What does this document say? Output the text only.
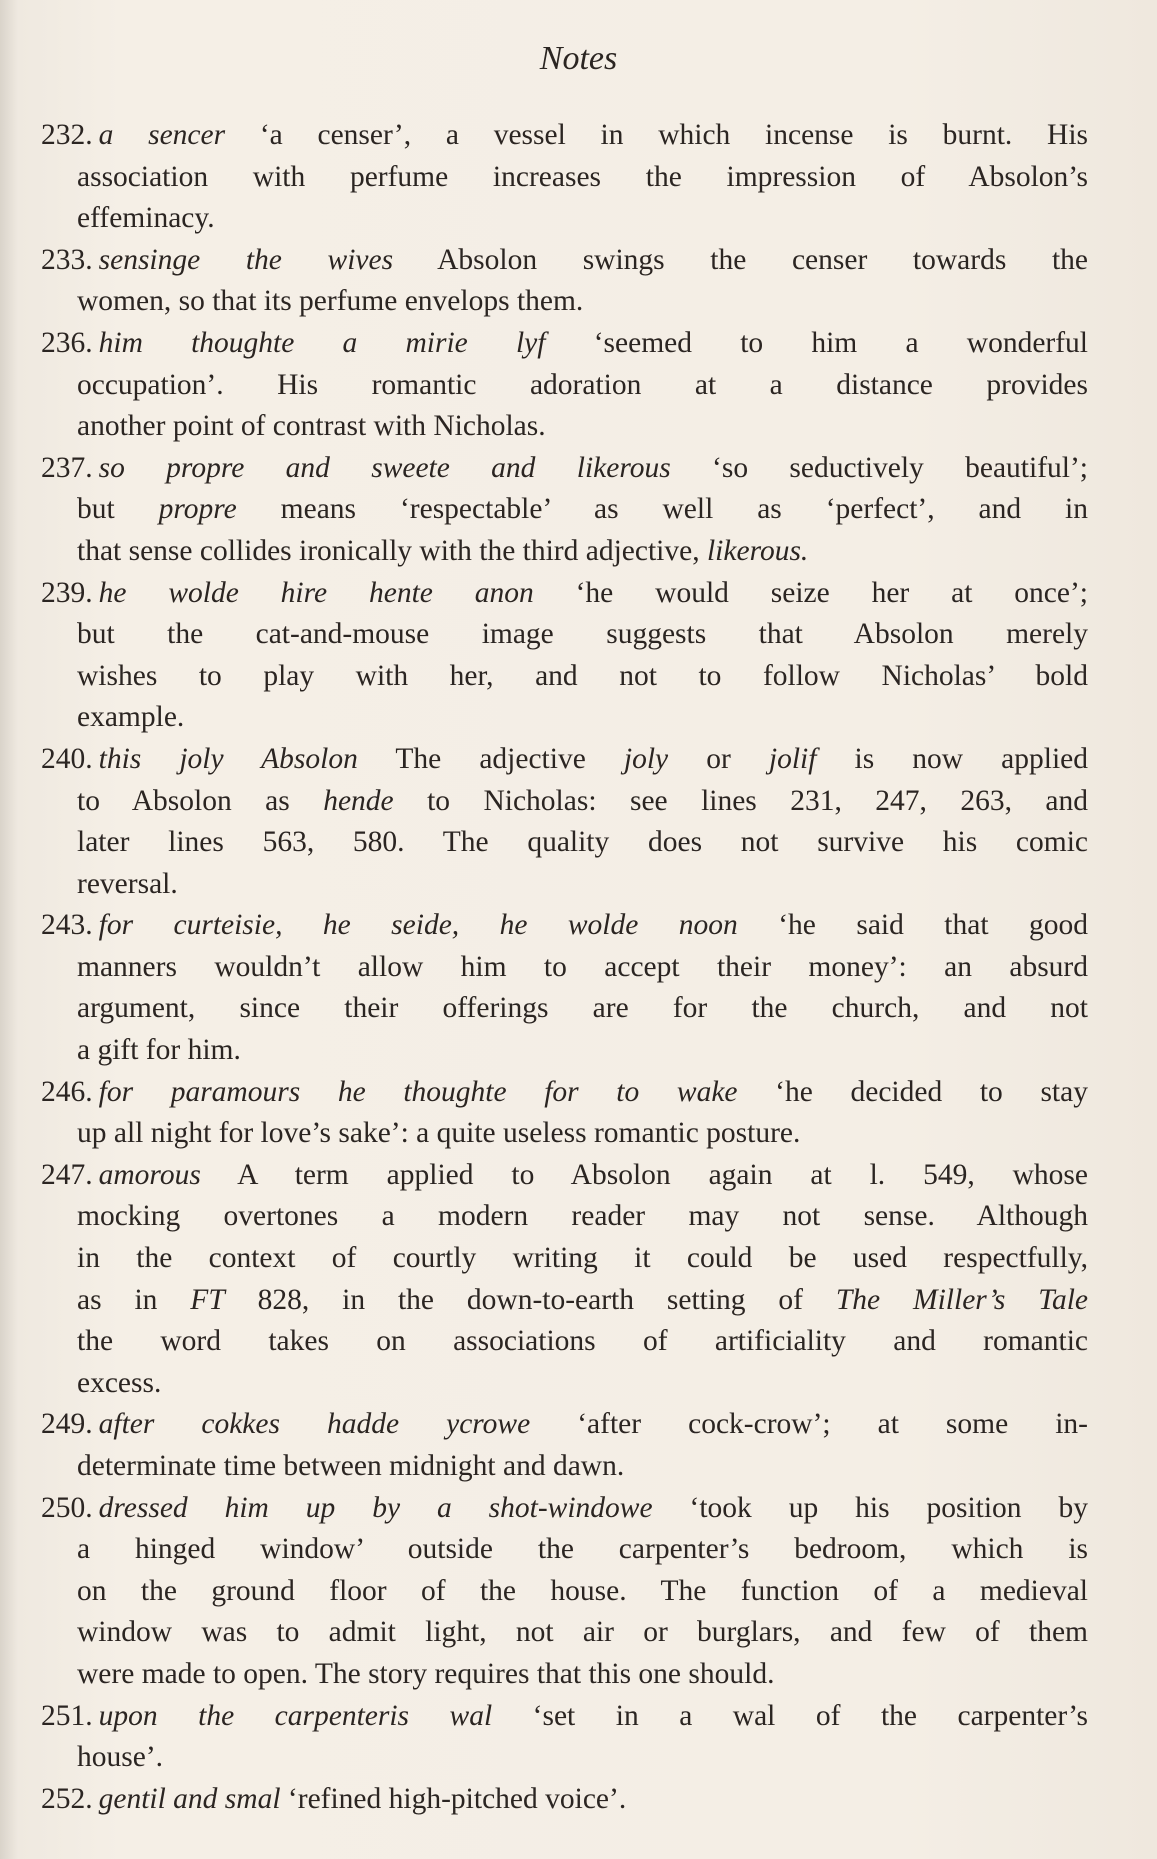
Notes
232. a sencer ‘a censer’, a vessel in which incense is burnt. His
association with perfume increases the impression of Absolon’s
effeminacy.
233. sensinge the wives Absolon swings the censer towards the
women, so that its perfume envelops them.
236. him thoughte a mirie lyf ‘seemed to him a wonderful
occupation’. His romantic adoration at a distance provides
another point of contrast with Nicholas.
237. so propre and sweete and likerous ‘so seductively beautiful’;
but propre means ‘respectable’ as well as ‘perfect’, and in
that sense collides ironically with the third adjective, likerous.
239. he wolde hire hente anon ‘he would seize her at once’;
but the cat-and-mouse image suggests that Absolon merely
wishes to play with her, and not to follow Nicholas’ bold
example.
240. this joly Absolon The adjective joly or jolif is now applied
to Absolon as hende to Nicholas: see lines 231, 247, 263, and
later lines 563, 580. The quality does not survive his comic
reversal.
243. for curteisie, he seide, he wolde noon ‘he said that good
manners wouldn’t allow him to accept their money’: an absurd
argument, since their offerings are for the church, and not
a gift for him.
246. for paramours he thoughte for to wake ‘he decided to stay
up all night for love’s sake’: a quite useless romantic posture.
247. amorous A term applied to Absolon again at l. 549, whose
mocking overtones a modern reader may not sense. Although
in the context of courtly writing it could be used respectfully,
as in FT 828, in the down-to-earth setting of The Miller’s Tale
the word takes on associations of artificiality and romantic
excess.
249. after cokkes hadde ycrowe ‘after cock-crow’; at some in-
determinate time between midnight and dawn.
250. dressed him up by a shot-windowe ‘took up his position by
a hinged window’ outside the carpenter’s bedroom, which is
on the ground floor of the house. The function of a medieval
window was to admit light, not air or burglars, and few of them
were made to open. The story requires that this one should.
251. upon the carpenteris wal ‘set in a wal of the carpenter’s
house’.
252. gentil and smal ‘refined high-pitched voice’.
